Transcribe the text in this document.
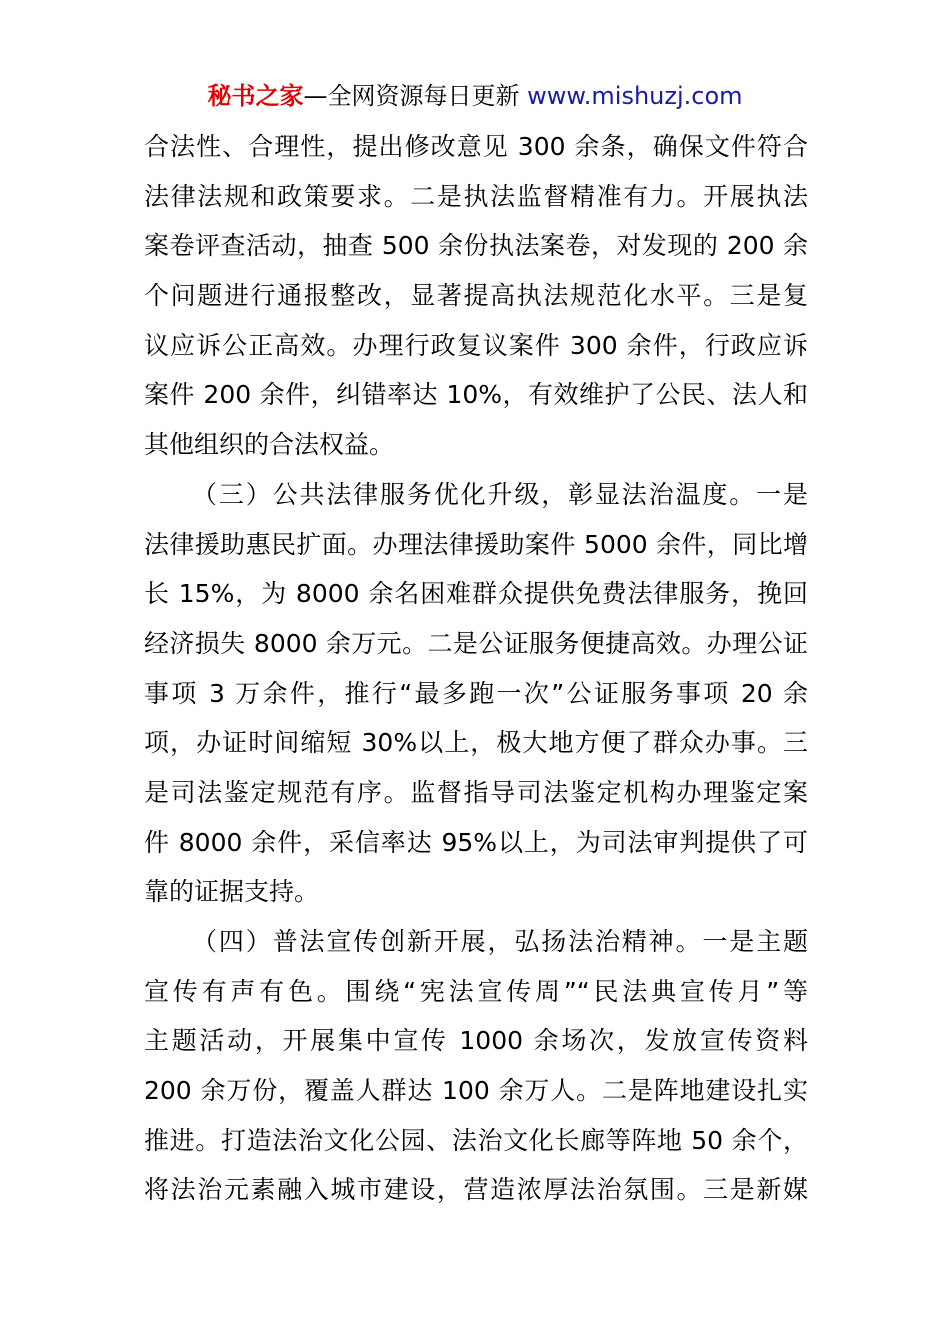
秘书之家—全网资源每日更新 www.mishuzj.com
合法性、合理性，提出修改意见 300 余条，确保文件符合
法律法规和政策要求。二是执法监督精准有力。开展执法
案卷评查活动，抽查 500 余份执法案卷，对发现的 200 余
个问题进行通报整改，显著提高执法规范化水平。三是复
议应诉公正高效。办理行政复议案件 300 余件，行政应诉
案件 200 余件，纠错率达 10%，有效维护了公民、法人和
其他组织的合法权益。
（三）公共法律服务优化升级，彰显法治温度。一是
法律援助惠民扩面。办理法律援助案件 5000 余件，同比增
长 15%，为 8000 余名困难群众提供免费法律服务，挽回
经济损失 8000 余万元。二是公证服务便捷高效。办理公证
事项 3 万余件，推行“最多跑一次”公证服务事项 20 余
项，办证时间缩短 30%以上，极大地方便了群众办事。三
是司法鉴定规范有序。监督指导司法鉴定机构办理鉴定案
件 8000 余件，采信率达 95%以上，为司法审判提供了可
靠的证据支持。
（四）普法宣传创新开展，弘扬法治精神。一是主题
宣传有声有色。围绕“宪法宣传周”“民法典宣传月”等
主题活动，开展集中宣传 1000 余场次，发放宣传资料
200 余万份，覆盖人群达 100 余万人。二是阵地建设扎实
推进。打造法治文化公园、法治文化长廊等阵地 50 余个，
将法治元素融入城市建设，营造浓厚法治氛围。三是新媒
